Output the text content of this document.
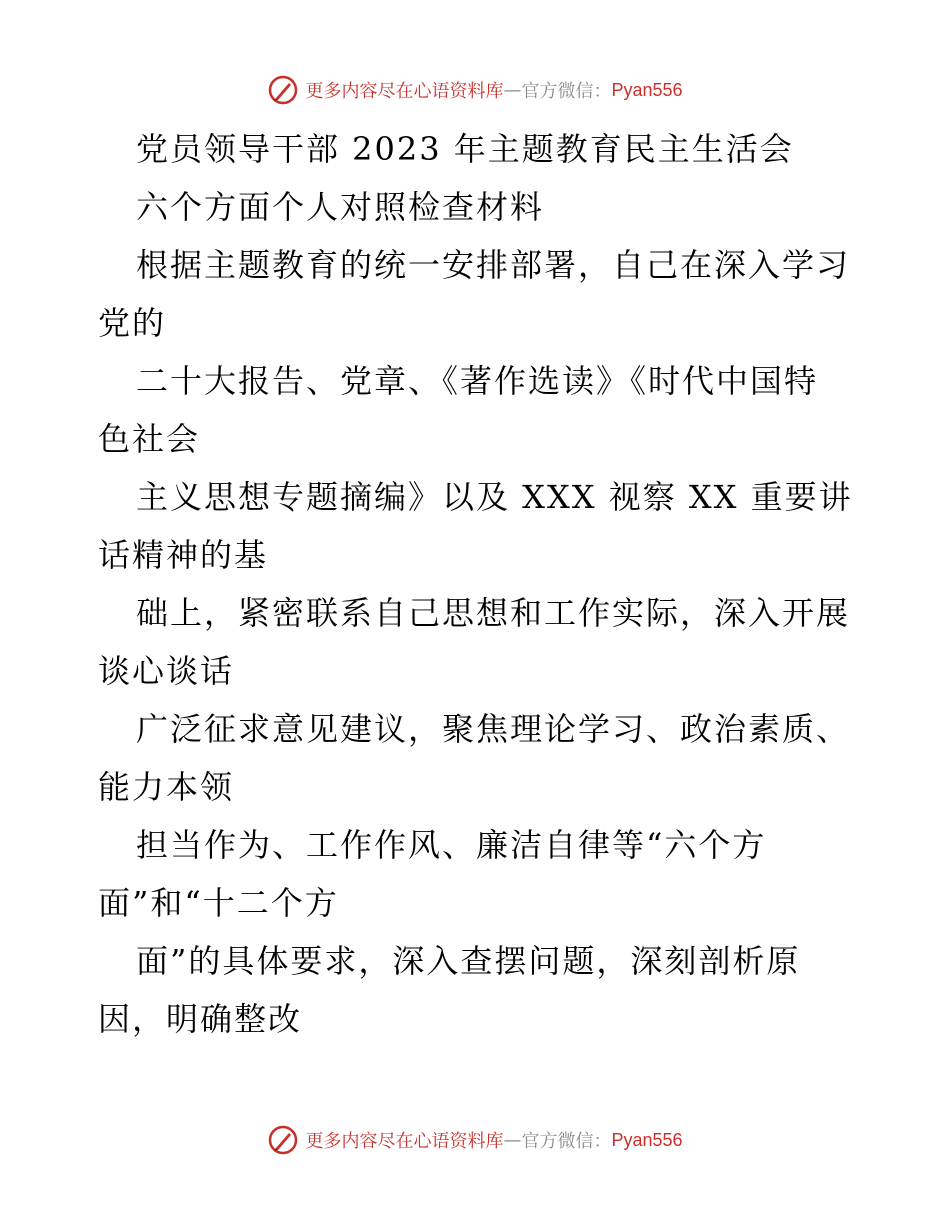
更多内容尽在心语资料库 — 官方微信： Pyan556
党员领导干部 2023 年主题教育民主生活会
六个方面个人对照检查材料
根据主题教育的统一安排部署，自己在深入学习
党的
二十大报告、党章、《著作选读》《时代中国特
色社会
主义思想专题摘编》以及 XXX 视察 XX 重要讲
话精神的基
础上，紧密联系自己思想和工作实际，深入开展
谈心谈话
广泛征求意见建议，聚焦理论学习、政治素质、
能力本领
担当作为、工作作风、廉洁自律等“六个方
面”和“十二个方
面”的具体要求，深入查摆问题，深刻剖析原
因，明确整改
更多内容尽在心语资料库 — 官方微信： Pyan556
